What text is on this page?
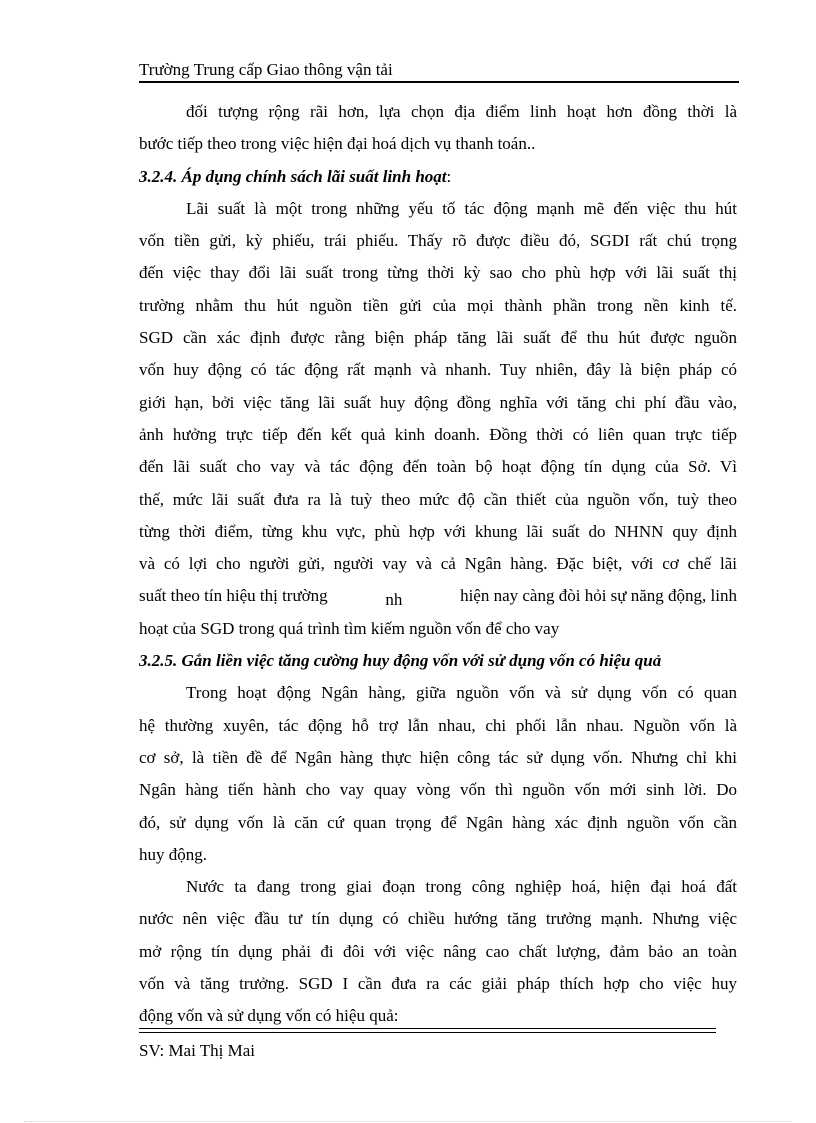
Trường Trung cấp Giao thông vận tải
đối tượng rộng rãi hơn, lựa chọn địa điểm linh hoạt hơn đồng thời là
bước tiếp theo trong việc hiện đại hoá dịch vụ thanh toán..
3.2.4. Áp dụng chính sách lãi suất linh hoạt:
Lãi suất là một trong những yếu tố tác động mạnh mẽ đến việc thu hút
vốn tiền gửi, kỳ phiếu, trái phiếu. Thấy rõ được điều đó, SGDI rất chú trọng
đến việc thay đổi lãi suất trong từng thời kỳ sao cho phù hợp với lãi suất thị
trường nhằm thu hút nguồn tiền gửi của mọi thành phần trong nền kinh tế.
SGD cần xác định được rằng biện pháp tăng lãi suất để thu hút được nguồn
vốn huy động có tác động rất mạnh và nhanh. Tuy nhiên, đây là biện pháp có
giới hạn, bởi việc tăng lãi suất huy động đồng nghĩa với tăng chi phí đầu vào,
ảnh hưởng trực tiếp đến kết quả kinh doanh. Đồng thời có liên quan trực tiếp
đến lãi suất cho vay và tác động đến toàn bộ hoạt động tín dụng của Sở. Vì
thế, mức lãi suất đưa ra là tuỳ theo mức độ cần thiết của nguồn vốn, tuỳ theo
từng thời điểm, từng khu vực, phù hợp với khung lãi suất do NHNN quy định
và có lợi cho người gửi, người vay và cả Ngân hàng. Đặc biệt, với cơ chế lãi
suất theo tín hiệu thị trường	nh	hiện nay càng đòi hỏi sự năng động, linh
hoạt của SGD trong quá trình tìm kiếm nguồn vốn để cho vay
3.2.5. Gắn liền việc tăng cường huy động vốn với sử dụng vốn có hiệu quả
Trong hoạt động Ngân hàng, giữa nguồn vốn và sử dụng vốn có quan
hệ thường xuyên, tác động hỗ trợ lẫn nhau, chi phối lẫn nhau. Nguồn vốn là
cơ sở, là tiền đề để Ngân hàng thực hiện công tác sử dụng vốn. Nhưng chỉ khi
Ngân hàng tiến hành cho vay quay vòng vốn thì nguồn vốn mới sinh lời. Do
đó, sử dụng vốn là căn cứ quan trọng để Ngân hàng xác định nguồn vốn cần
huy động.
Nước ta đang trong giai đoạn trong công nghiệp hoá, hiện đại hoá đất
nước nên việc đầu tư tín dụng có chiều hướng tăng trưởng mạnh. Nhưng việc
mở rộng tín dụng phải đi đôi với việc nâng cao chất lượng, đảm bảo an toàn
vốn và tăng trưởng. SGD I cần đưa ra các giải pháp thích hợp cho việc huy
động vốn và sử dụng vốn có hiệu quả:
SV: Mai Thị Mai
